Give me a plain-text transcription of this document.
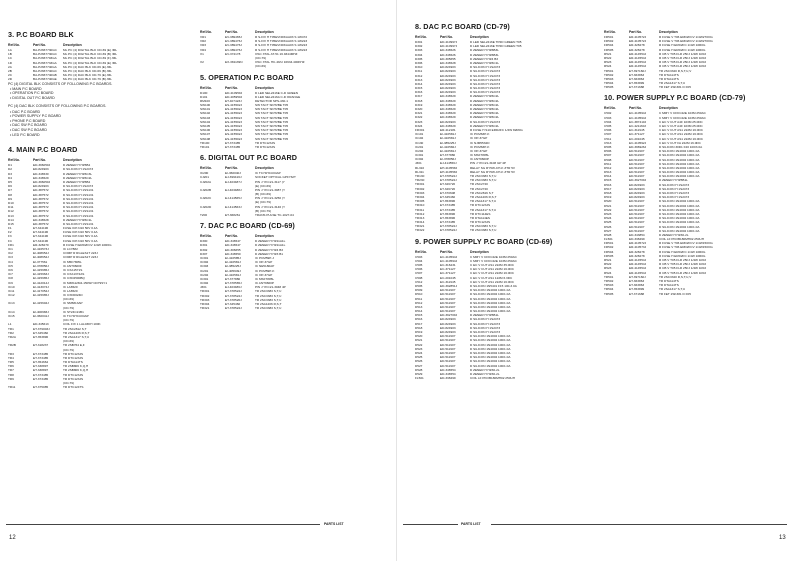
3. P.C BOARD BLK
Ref.No.	Part No.	Description
1A	BA-P2667730GC	ML PC (4) DIGITAL BLK CD-69 (E) /ML
1B	BA-P2667730GC	ML PC (4) DIGITAL BLK CD-69 (B) /ML
1C	BA-P2667703GA	ML PC (4) DIGITAL BLK CD-69 (F) /ML
1D	BA-P2667733GA	ML PC (4) DIGITAL BLK CD-69 (E) /ML
2A	BA-P2667740GA	ML PC (4) DAC BLK CD-69 (E) /ML
2B	BA-P2667740GC	ML PC (4) DAC BLK CD-69 (B) /ML
2C	BA-P2667740GB	ML PC (4) DAC BLK CD-79 (E) /ML
2D	BA-P2667740GE	ML PC (4) DAC BLK CD-79 (B) /ML
PC (4) DIGITAL BLK CONSISTS OF FOLLOWING P.C BOARDS.
• MAIN P.C BOARD
• OPERATION P.C BOARD
• DIGITAL OUT P.C BOARD
PC (4) DAC BLK CONSISTS OF FOLLOWING P.C BOARDS.
• DAC P.C BOARD
• POWER SUPPLY P.C BOARD
• PHONE P.C BOARD
• DAC SW P.C BOARD
• DAC SW P.C BOARD
• LED P.C BOARD
4. MAIN P.C BOARD
Ref.No.	Part No.	Description
D1	ED-396050J	D ZENER H HZ5B2
D2	ED-824903	D SILICON H 1S2473
D3	ED-346530	D ZENER H HZ6C3L
D4	ED-346529	D ZENER H HZ6C2L
D5	ED-396050J	D ZENER H HZ5B2
D6	ED-824903	D SILICON H 1S2473
D7	ED-387572	D SILICON H 1SS131
D8	ED-387572	D SILICON H 1SS131
D9	ED-387572	D SILICON H 1SS131
D10	ED-387572	D SILICON H 1SS131
D11	ED-387572	D SILICON H 1SS131
D12	ED-387572	D SILICON H 1SS131
D13	ED-387572	D SILICON H 1SS131
D14	ED-346528	D ZENER H HZ6C1L
D15	ED-387572	D SILICON H 1SS131
F1	ET-344196	FUSE ICP-N10 50V 0.4A
F2	ET-344196	FUSE ICP-N10 50V 0.4A
F3	ET-344196	FUSE ICP-N10 50V 0.4A
F4	ET-344196	FUSE ICP-N10 50V 0.4A
FR1	ER-328270	R FUSE H ERD2FCV 1/4W 10R0G
IC1	EI-416573J	IC LC7882
IC2	EI-408654J	COMP R RGLES1T 223J
IC3	EI-408654J	COMP R RGLES1T 223J
IC4	EI-377561	IC M5F7805L
IC5	EI-378856J	IC ANT9600F
IC6	EI-415965J	IC CXA1571S
IC7	EI-415963J	IC CXA1372AS
IC8	EI-415965J	IC CXD2500BQ
IC9	EI-412014J	IC M38112M4-150SP CD79SY1
IC10	EI-413074J	IC LA6520
IC11	EI-417054J	IC LA6520
IC12	EI-415965J	IC CXD0024D
(CD-69)
IC13	EI-415604J	IC SM5813AP
(CD-79)
IC14	EI-400983J	IC ST24C21B1
IC15	EI-360041J	IC TC74HCU04AP
(CD-79)
L1	ED-345613	COIL FIX 1 LAL03KH 100K
TR1	ET-379003J	TR 2SC2812 S,T
TR2	ET-345460	TR 2SA1206 R,S,T
TR2A	ET-353896	TR 2SA1317 S,T,U
(CD-69)
TR2B	ET-318237	TR 2SB764 E,F
(CD-79)
TR3	ET-373485	TR DTC123JS
TR4	ET-373485	TR DTC123JS
TR5	ET-354664	TR DTA114TS
TR6	ET-338897	TR 2SB806 K,Q,H
TR7	ET-338897	TR 2SB806 K,Q,H
TR8	ET-373485	TR DTC123JS
TR9	ET-373485	TR DTC123JS
(CD-79)
TR11	ET-375085	TR DTC124TS
Ref.No.	Part No.	Description
VR1	EV-389465J	R S-FIX H T05EVNDKAA03 S 1W472
VR2	EV-389476J	R S-FIX H T05EVNDKAA03 S 1W223
VR3	EV-389476J	R S-FIX H T05EVNDKAA03 S 1W223
VR4	EV-389476J	R S-FIX H T05EVNDKAA03 S 1W223
X1	EV-374178	OSC XTAL AT-51 16.9344MHZ
(CD-79)
X2	EX-381139N	OSC XTAL HC-49/U 16934.400KHZ
(CD-69)
5. OPERATION P.C BOARD
Ref.No.	Part No.	Description
D100	ED-410959J	D LED SEL2416E C-D GREEN
D101	ED-405950J	D LED SEL2416A C-D ORANGE
RM100	ET-407423J	DETECTOR SPS-430-1
SW100	ES-415502J	SW TACT SKHVBE T05
SW101	ES-415502J	SW TACT SKHVBE T05
SW102	ES-415502J	SW TACT SKHVBE T05
SW103	ES-415502J	SW TACT SKHVBE T05
SW104	ES-415502J	SW TACT SKHVBE T05
SW105	ES-415502J	SW TACT SKHVBE T05
SW106	ES-415502J	SW TACT SKHVBE T05
SW107	ES-415502J	SW TACT SKHVBE T05
SW108	ES-415502J	SW TACT SKHVBE T05
TR100	ET-373485	TR DTC123JS
TR101	ET-373485	TR DTC123JS
6. DIGITAL OUT P.C BOARD
Ref.No.	Part No.	Description
IC200	EI-360040J	IC TC74HCU04AP
CJ201	EJ-399416J	SOCKET OPTICAL GPF732T
CJ202A	EJ-403487J	PIN J YKC21-3117 (Y
(E) (CD-69)
CJ202B	EJ-403488J	PIN J YKC21-3087 (Y
(B) (CD-69)
CJ202C	EJ-414565J	PIN J YKC21-3250 (Y
(E) (CD-79)
CJ202D	EJ-414563J	PIN J YKC21-3146 (Y
(B) (CD-79)
T200	ET-368261	TRANS PULSE TC-1027-04
7. DAC P.C BOARD (CD-69)
Ref.No.	Part No.	Description
D300	ED-346547	D ZENER H HZ11A1L
D301	ED-346547	D ZENER H HZ11A1L
D302	ED-306655	D ZENER H HZ4 B3
D307	ED-346550	D ZENER H HZ3 B1
IC301	EI-410585J	IC PCM59P-J
IC302	EI-410581J	IC OP-37GP
IC303	EI-385225J	IC NE5180AP
IC201	EI-405949J	IC PCM59P-K
IC202	EI-410581J	IC OP-37GP
IC301	ET-377880	IC MSF7805L
IC302	ET-378565J	IC ANT9660P
J301	EJ-403486J	PIN J YKC21-3048 4P
TR301	ET-378524J	TR 2SC3383 S,T,U
TR302	ET-378524J	TR 2SC3383 S,T,U
TR303	ET-378526J	TR 2SC3383 S,T,U
TR304	ET-345460	TR 2SA1206 R,S,T
TR321	ET-378524J	TR 2SC3383 S,T,U
PARTS LIST
12
8. DAC P.C BOARD (CD-79)
Ref.No.	Part No.	Description
D301	ED-410997J	D LED SEL2416E TP2D GREEN T05
D302	ED-410997J	D LED SEL2416E TP2D GREEN T05
D303	ED-346526	D ZENER H HZ6B3L
D304	ED-346526	D ZENER H HZ6B3L
D305	ED-305655	D ZENER H HZ4 B3
D306	ED-346528	D ZENER H HZ6C1L
D310	ED-824903	D SILICON H 1S2473
D311	ED-824903	D SILICON H 1S2473
D312	ED-824903	D SILICON H 1S2473
D313	ED-824903	D SILICON H 1S2473
D314	ED-824903	D SILICON H 1S2473
D315	ED-824903	D SILICON H 1S2473
D316	ED-824903	D SILICON H 1S2473
D317	ED-346529	D ZENER H HZ6C2L
D318	ED-346529	D ZENER H HZ6C2L
D319	ED-346529	D ZENER H HZ6C2L
D320	ED-346529	D ZENER H HZ6C2L
D321	ED-346529	D ZENER H HZ6C2L
D322	ED-346529	D ZENER H HZ6C2L
D323	ED-824903	D SILICON H 1S2473
D324	ED-346529	D ZENER H HZ6C2L
FR301	ER-412181	R FUSE H S10 ERD2FC 1/4W 82R0G
IC101	EI-410581J	IC PCM63P-K
IC102	EI-410581J	IC OP-37GP
IC130	EI-385225J	IC NJM5532D
IC201	EI-410582J	IC PCM63P-K
IC202	EI-410581J	IC OP-37GP
IC301	ET-377880	IC MSF7805L
IC302	EI-378856J	IC ANT9660P
J301	EJ-414556J	PIN J YKC21-3108 GP 4P
RL310	EH-410558J	RELAY SG RY5W-CH-K ZTR 5V
RL311	EH-410558J	RELAY SG RY5W-CH-K ZTR 5V
TR130	ET-378524J	TR 2SC3383 S,T,U
TR230	ET-378524J	TR 2SC3383 S,T,U
TR301	ET-326720	TR 2SC2720
TR302	ET-326720	TR 2SC2720
TR303	ET-370608	TR 2SC2816 S,T
TR304	ET-345460	TR 2SA1206 R,S,T
TR305	ET-353896	TR 2SA1317 S,T,U
TR310	ET-373485	TR DTC123JS
TR311	ET-373485	TR 2SA1317 S,T,U
TR312	ET-353896	TR DTC114ES
TR313	ET-353896	TR DTA114ES
TR314	ET-373485	TR DTC123JS
TR321	ET-378524J	TR 2SC3383 S,T,U
TR322	ET-378524J	TR 2SC3383 S,T,U
9. POWER SUPPLY P.C BOARD (CD-69)
Ref.No.	Part No.	Description
C503	EC-410594J	C MMY V CFKC22E 103M 250AC
C504	EC-410594J	C MMY V CFKC22E 103M 250AC
C505	EC-316231	C EC V CUT AS1 222M 35.0DC
C506	EC-371127	C EC V CUT AS1 222M 16.0DC
C507	EC-371127	C EC V CUT AS1 222M 16.0DC
C508	EC-201045	C EC V CUT AS1 122M 6.3DC
C512	EC-311945	C EC V CUT AS1 222M 16.0DC
D505	ED-392851J	D SILICON 1N5401 F15 100-3.0A
D509	ED-511907	D SILICON 1N4002 100/1.0A
D510	ED-511907	D SILICON 1N4002 100/1.0A
D511	ED-511907	D SILICON 1N4002 100/1.0A
D512	ED-511907	D SILICON 1N4002 100/1.0A
D513	ED-511907	D SILICON 1N4002 100/1.0A
D514	ED-511907	D SILICON 1N4002 100/1.0A
D515	ED-392709J	D ZENER H HZ5B1L
D516	ED-824903	D SILICON H 1S2473
D517	ED-824903	D SILICON H 1S2473
D518	ED-824903	D SILICON H 1S2473
D519	ED-824903	D SILICON H 1S2473
D520	ED-511907	D SILICON 1N4002 100/1.0A
D521	ED-511907	D SILICON 1N4002 100/1.0A
D522	ED-511907	D SILICON 1N4002 100/1.0A
D523	ED-511907	D SILICON 1N4002 100/1.0A
D524	ED-511907	D SILICON 1N4002 100/1.0A
D525	ED-511907	D SILICON 1N4002 100/1.0A
D526	ED-511907	D SILICON 1N4002 100/1.0A
D527	ED-511907	D SILICON 1N4002 100/1.0A
D528	ED-346554	D ZENER H HZ30-2L
D529	ED-346554	D ZENER H HZ30-2L
FL501	ED-338499	COIL LF PKOB180MH02 250UH
Ref.No.	Part No.	Description
FR501	ER-410572J	R FUSE V T06 ERD2FCV 1/4W270OG
FR502	ER-410572J	R FUSE V T06 ERD2FCV 1/4W270OG
FR504	ER-328278	R FUSE H ERD2FC 1/4W 10R0G
FR505	ER-328278	R FUSE H ERD2FC 1/4W 10R0G
R521	ER-414554J	R CB V T05 FLR 25FJ 1/4W 1R0J
R522	ER-414554J	R CB V T05 FLR 25FJ 1/4W 1R0J
R523	ER-414554J	R CB V T05 FLR 25FJ 1/4W 1R0J
R524	ER-414554J	R CB V T05 FLR 25FJ 1/4W 1R0J
TR501	ET-397160J	TR 2SC3320 R,S,T,U,V
TR502	ET-363863	TR DTA114TS
TR503	ET-363863	TR DTA114TS
TR504	ET-353899	TR 2SA1317 S,T,U
TR505	ET-371688	TR FET 2SK381 D F05
10. POWER SUPPLY P.C BOARD (CD-79)
Ref.No.	Part No.	Description
C502	EC-410594J	C MMY V CFKC22E 103M 250AC
C503	EC-410594J	C MMY V CFKC22E 103M 250AC
C504	EC-387410J	C EC V CUT A4F 103M 25.0DC
C505	EC-421160J	C EC V CUT A4F 103M 25.0DC
C506	EC-311945	C EC V CUT AS1 222M 16.0DC
C507	EC-371127	C EC V CUT AS1 222M 16.0DC
C511	EC-201045	C EC V CUT AS1 222M 16.0DC
C513	EC-410592J	C EC V CUT FA 222M 16.0DC
D505	ED-396926J	D SILICON 30D1 F20 100/3.0A
D506	ED-511907	D SILICON 1N4002 100/1.0A
D507	ED-511907	D SILICON 1N4002 100/1.0A
D508	ED-511907	D SILICON 1N4002 100/1.0A
D511	ED-511907	D SILICON 1N4002 100/1.0A
D512	ED-511907	D SILICON 1N4002 100/1.0A
D513	ED-511907	D SILICON 1N4002 100/1.0A
D514	ED-511907	D SILICON 1N4002 100/1.0A
D515	ED-392709J	D ZENER H HZ5B1L
D516	ED-824903	D SILICON H 1S2473
D517	ED-824903	D SILICON H 1S2473
D518	ED-824903	D SILICON H 1S2473
D519	ED-824903	D SILICON H 1S2473
D520	ED-511907	D SILICON 1N4002 100/1.0A
D521	ED-511907	D SILICON 1N4002 100/1.0A
D522	ED-511907	D SILICON 1N4002 100/1.0A
D523	ED-511907	D SILICON 1N4002 100/1.0A
D524	ED-511907	D SILICON 1N4002 100/1.0A
D525	ED-511907	D SILICON 1N4002 100/1.0A
D526	ED-511907	D SILICON 1N4002 100/1.0A
D527	ED-511907	D SILICON 1N4002 100/1.0A
D528	ED-343854	D ZENER H HZ30-2L
FL501	ED-338499	COIL LF PKOB180MH02 250UH
FR501	ER-410572J	R FUSE V T06 ERD2FCV 1/4W150OG
FR502	ER-410573J	R FUSE V T06 ERD2FCV 1/4W150OG
FR504	ER-328278	R FUSE H ERD2FC 1/4W 10R0G
FR505	ER-328278	R FUSE H ERD2FC 1/4W 10R0G
R521	ER-414554J	R CB V T05 FLR 25FJ 1/4W 1R0J
R522	ER-414554J	R CB V T05 FLR 25FJ 1/4W 1R0J
R523	ER-414554J	R CB V T05 FLR 25FJ 1/4W 1R0J
R524	ER-414554J	R CB V T05 FLR 25FJ 1/4W 1R0J
TR501	ET-397160J	TR 2SC3320 R,S,T,U,V
TR502	ET-363863	TR DTA114TS
TR503	ET-363863	TR DTA114TS
TR504	ET-353899	TR 2SA1317 S,T,U
TR505	ET-371688	TR FET 2SK381 D F05
PARTS LIST
13
